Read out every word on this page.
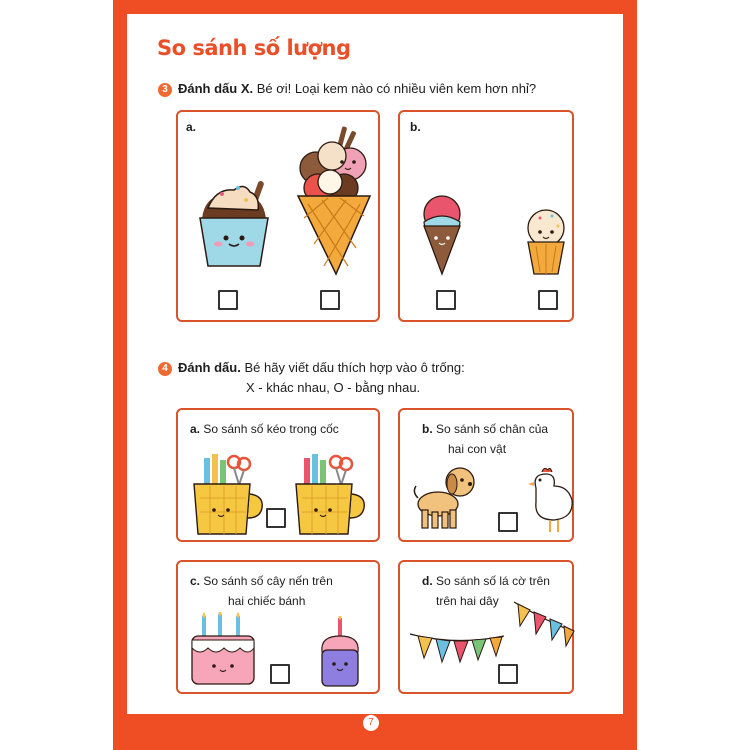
So sánh số lượng
3 Đánh dấu X. Bé ơi! Loại kem nào có nhiều viên kem hơn nhỉ?
a.	b.
4 Đánh dấu. Bé hãy viết dấu thích hợp vào ô trống:
X - khác nhau, O - bằng nhau.
a. So sánh số kéo trong cốc	b. So sánh số chân của
hai con vật
c. So sánh số cây nến trên
hai chiếc bánh
d. So sánh số lá cờ trên
trên hai dây
7
